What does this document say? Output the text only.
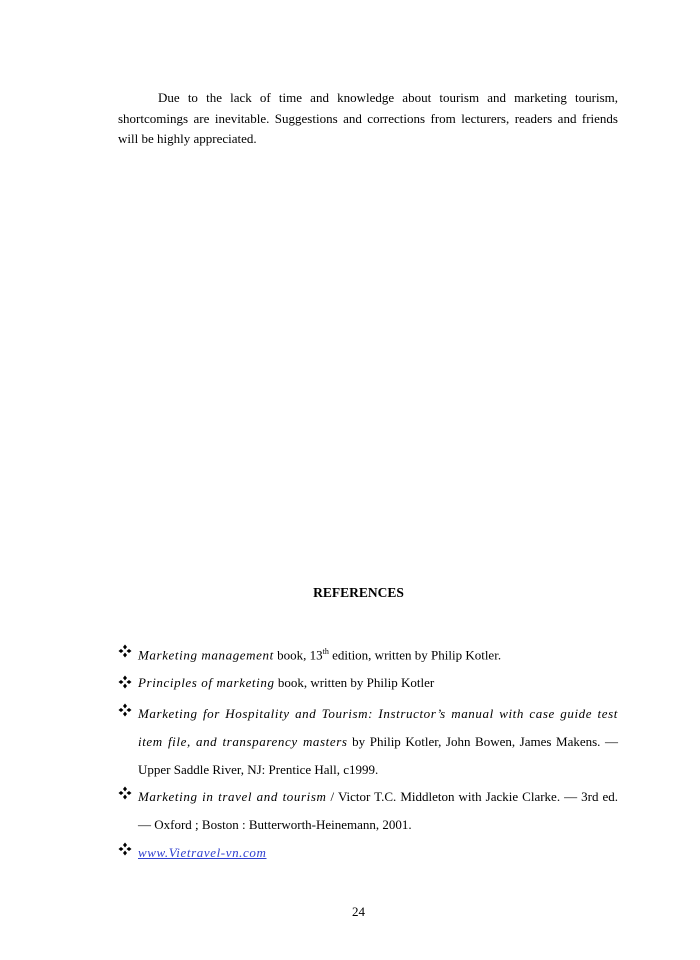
Due to the lack of time and knowledge about tourism and marketing tourism, shortcomings are inevitable. Suggestions and corrections from lecturers, readers and friends will be highly appreciated.
REFERENCES
Marketing management book, 13th edition, written by Philip Kotler.
Principles of marketing book, written by Philip Kotler
Marketing for Hospitality and Tourism: Instructor’s manual with case guide test item file, and transparency masters by Philip Kotler, John Bowen, James Makens. — Upper Saddle River, NJ: Prentice Hall, c1999.
Marketing in travel and tourism / Victor T.C. Middleton with Jackie Clarke. — 3rd ed. — Oxford ; Boston : Butterworth-Heinemann, 2001.
www.Vietravel-vn.com
24
